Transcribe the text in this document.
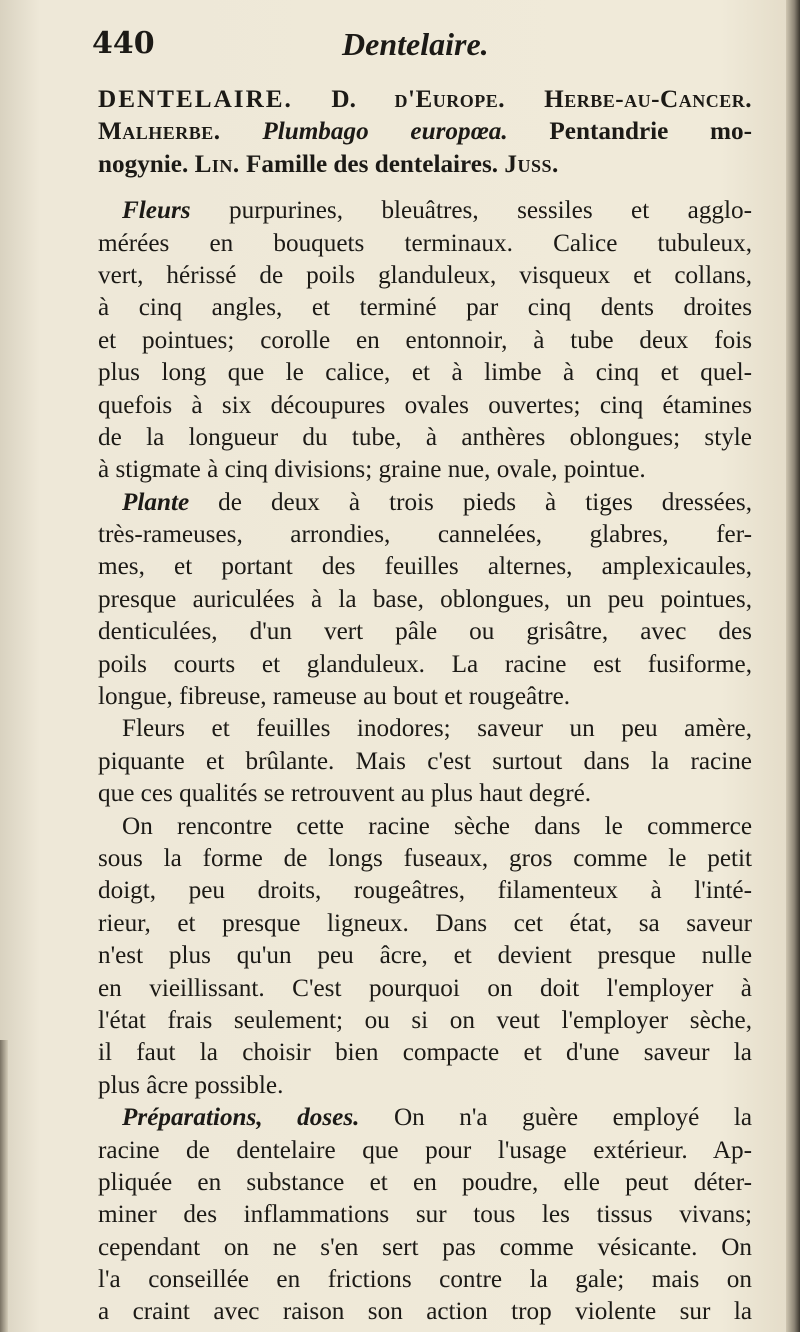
440	Dentelaire.
DENTELAIRE. D. d'Europe. Herbe-au-Cancer.
Malherbe. Plumbago europœa. Pentandrie mo-
nogynie. Lin. Famille des dentelaires. Juss.
Fleurs purpurines, bleuâtres, sessiles et agglo-
mérées en bouquets terminaux. Calice tubuleux,
vert, hérissé de poils glanduleux, visqueux et collans,
à cinq angles, et terminé par cinq dents droites
et pointues; corolle en entonnoir, à tube deux fois
plus long que le calice, et à limbe à cinq et quel-
quefois à six découpures ovales ouvertes; cinq étamines
de la longueur du tube, à anthères oblongues; style
à stigmate à cinq divisions; graine nue, ovale, pointue.
Plante de deux à trois pieds à tiges dressées,
très-rameuses, arrondies, cannelées, glabres, fer-
mes, et portant des feuilles alternes, amplexicaules,
presque auriculées à la base, oblongues, un peu pointues,
denticulées, d'un vert pâle ou grisâtre, avec des
poils courts et glanduleux. La racine est fusiforme,
longue, fibreuse, rameuse au bout et rougeâtre.
Fleurs et feuilles inodores; saveur un peu amère,
piquante et brûlante. Mais c'est surtout dans la racine
que ces qualités se retrouvent au plus haut degré.
On rencontre cette racine sèche dans le commerce
sous la forme de longs fuseaux, gros comme le petit
doigt, peu droits, rougeâtres, filamenteux à l'inté-
rieur, et presque ligneux. Dans cet état, sa saveur
n'est plus qu'un peu âcre, et devient presque nulle
en vieillissant. C'est pourquoi on doit l'employer à
l'état frais seulement; ou si on veut l'employer sèche,
il faut la choisir bien compacte et d'une saveur la
plus âcre possible.
Préparations, doses. On n'a guère employé la
racine de dentelaire que pour l'usage extérieur. Ap-
pliquée en substance et en poudre, elle peut déter-
miner des inflammations sur tous les tissus vivans;
cependant on ne s'en sert pas comme vésicante. On
l'a conseillée en frictions contre la gale; mais on
a craint avec raison son action trop violente sur la
